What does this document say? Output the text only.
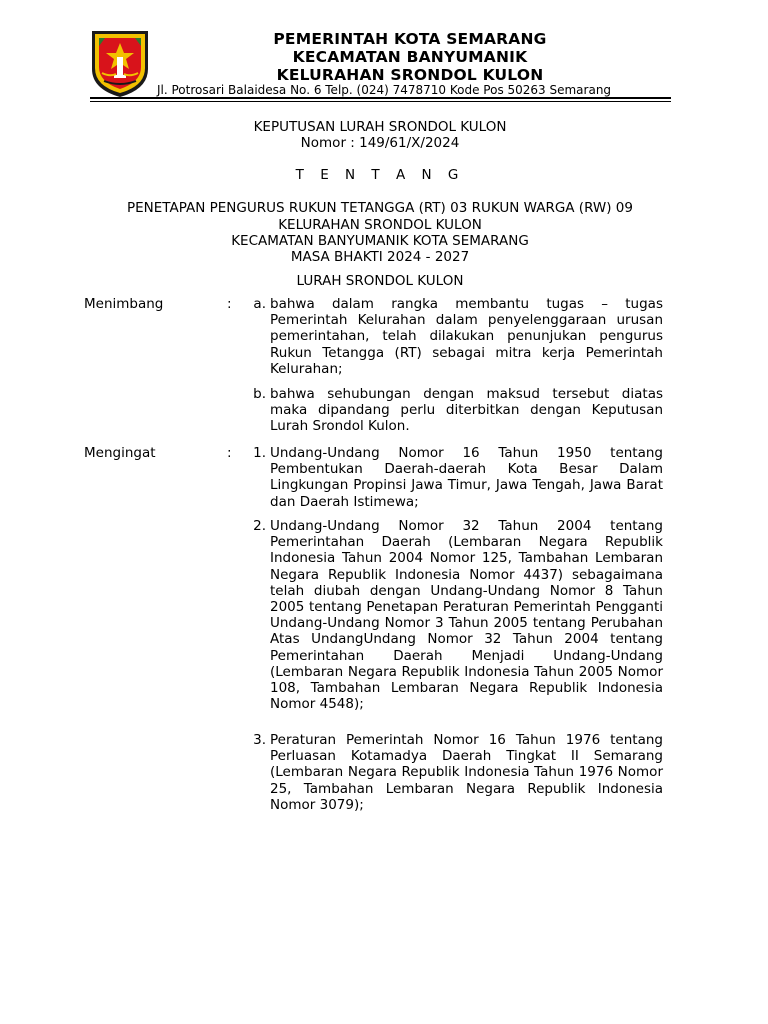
PEMERINTAH KOTA SEMARANG
KECAMATAN BANYUMANIK
KELURAHAN SRONDOL KULON
Jl. Potrosari Balaidesa No. 6 Telp. (024) 7478710 Kode Pos 50263 Semarang
KEPUTUSAN LURAH SRONDOL KULON
Nomor : 149/61/X/2024
T E N T A N G
PENETAPAN PENGURUS RUKUN TETANGGA (RT) 03 RUKUN WARGA (RW) 09
KELURAHAN SRONDOL KULON
KECAMATAN BANYUMANIK KOTA SEMARANG
MASA BHAKTI 2024 - 2027
LURAH SRONDOL KULON
Menimbang	:	a. bahwa dalam rangka membantu tugas – tugas Pemerintah Kelurahan dalam penyelenggaraan urusan pemerintahan, telah dilakukan penunjukan pengurus Rukun Tetangga (RT) sebagai mitra kerja Pemerintah Kelurahan;
b. bahwa sehubungan dengan maksud tersebut diatas maka dipandang perlu diterbitkan dengan Keputusan Lurah Srondol Kulon.
Mengingat	:	1. Undang-Undang Nomor 16 Tahun 1950 tentang Pembentukan Daerah-daerah Kota Besar Dalam Lingkungan Propinsi Jawa Timur, Jawa Tengah, Jawa Barat dan Daerah Istimewa;
2. Undang-Undang Nomor 32 Tahun 2004 tentang Pemerintahan Daerah (Lembaran Negara Republik Indonesia Tahun 2004 Nomor 125, Tambahan Lembaran Negara Republik Indonesia Nomor 4437) sebagaimana telah diubah dengan Undang-Undang Nomor 8 Tahun 2005 tentang Penetapan Peraturan Pemerintah Pengganti Undang-Undang Nomor 3 Tahun 2005 tentang Perubahan Atas UndangUndang Nomor 32 Tahun 2004 tentang Pemerintahan Daerah Menjadi Undang-Undang (Lembaran Negara Republik Indonesia Tahun 2005 Nomor 108, Tambahan Lembaran Negara Republik Indonesia Nomor 4548);
3. Peraturan Pemerintah Nomor 16 Tahun 1976 tentang Perluasan Kotamadya Daerah Tingkat II Semarang (Lembaran Negara Republik Indonesia Tahun 1976 Nomor 25, Tambahan Lembaran Negara Republik Indonesia Nomor 3079);
